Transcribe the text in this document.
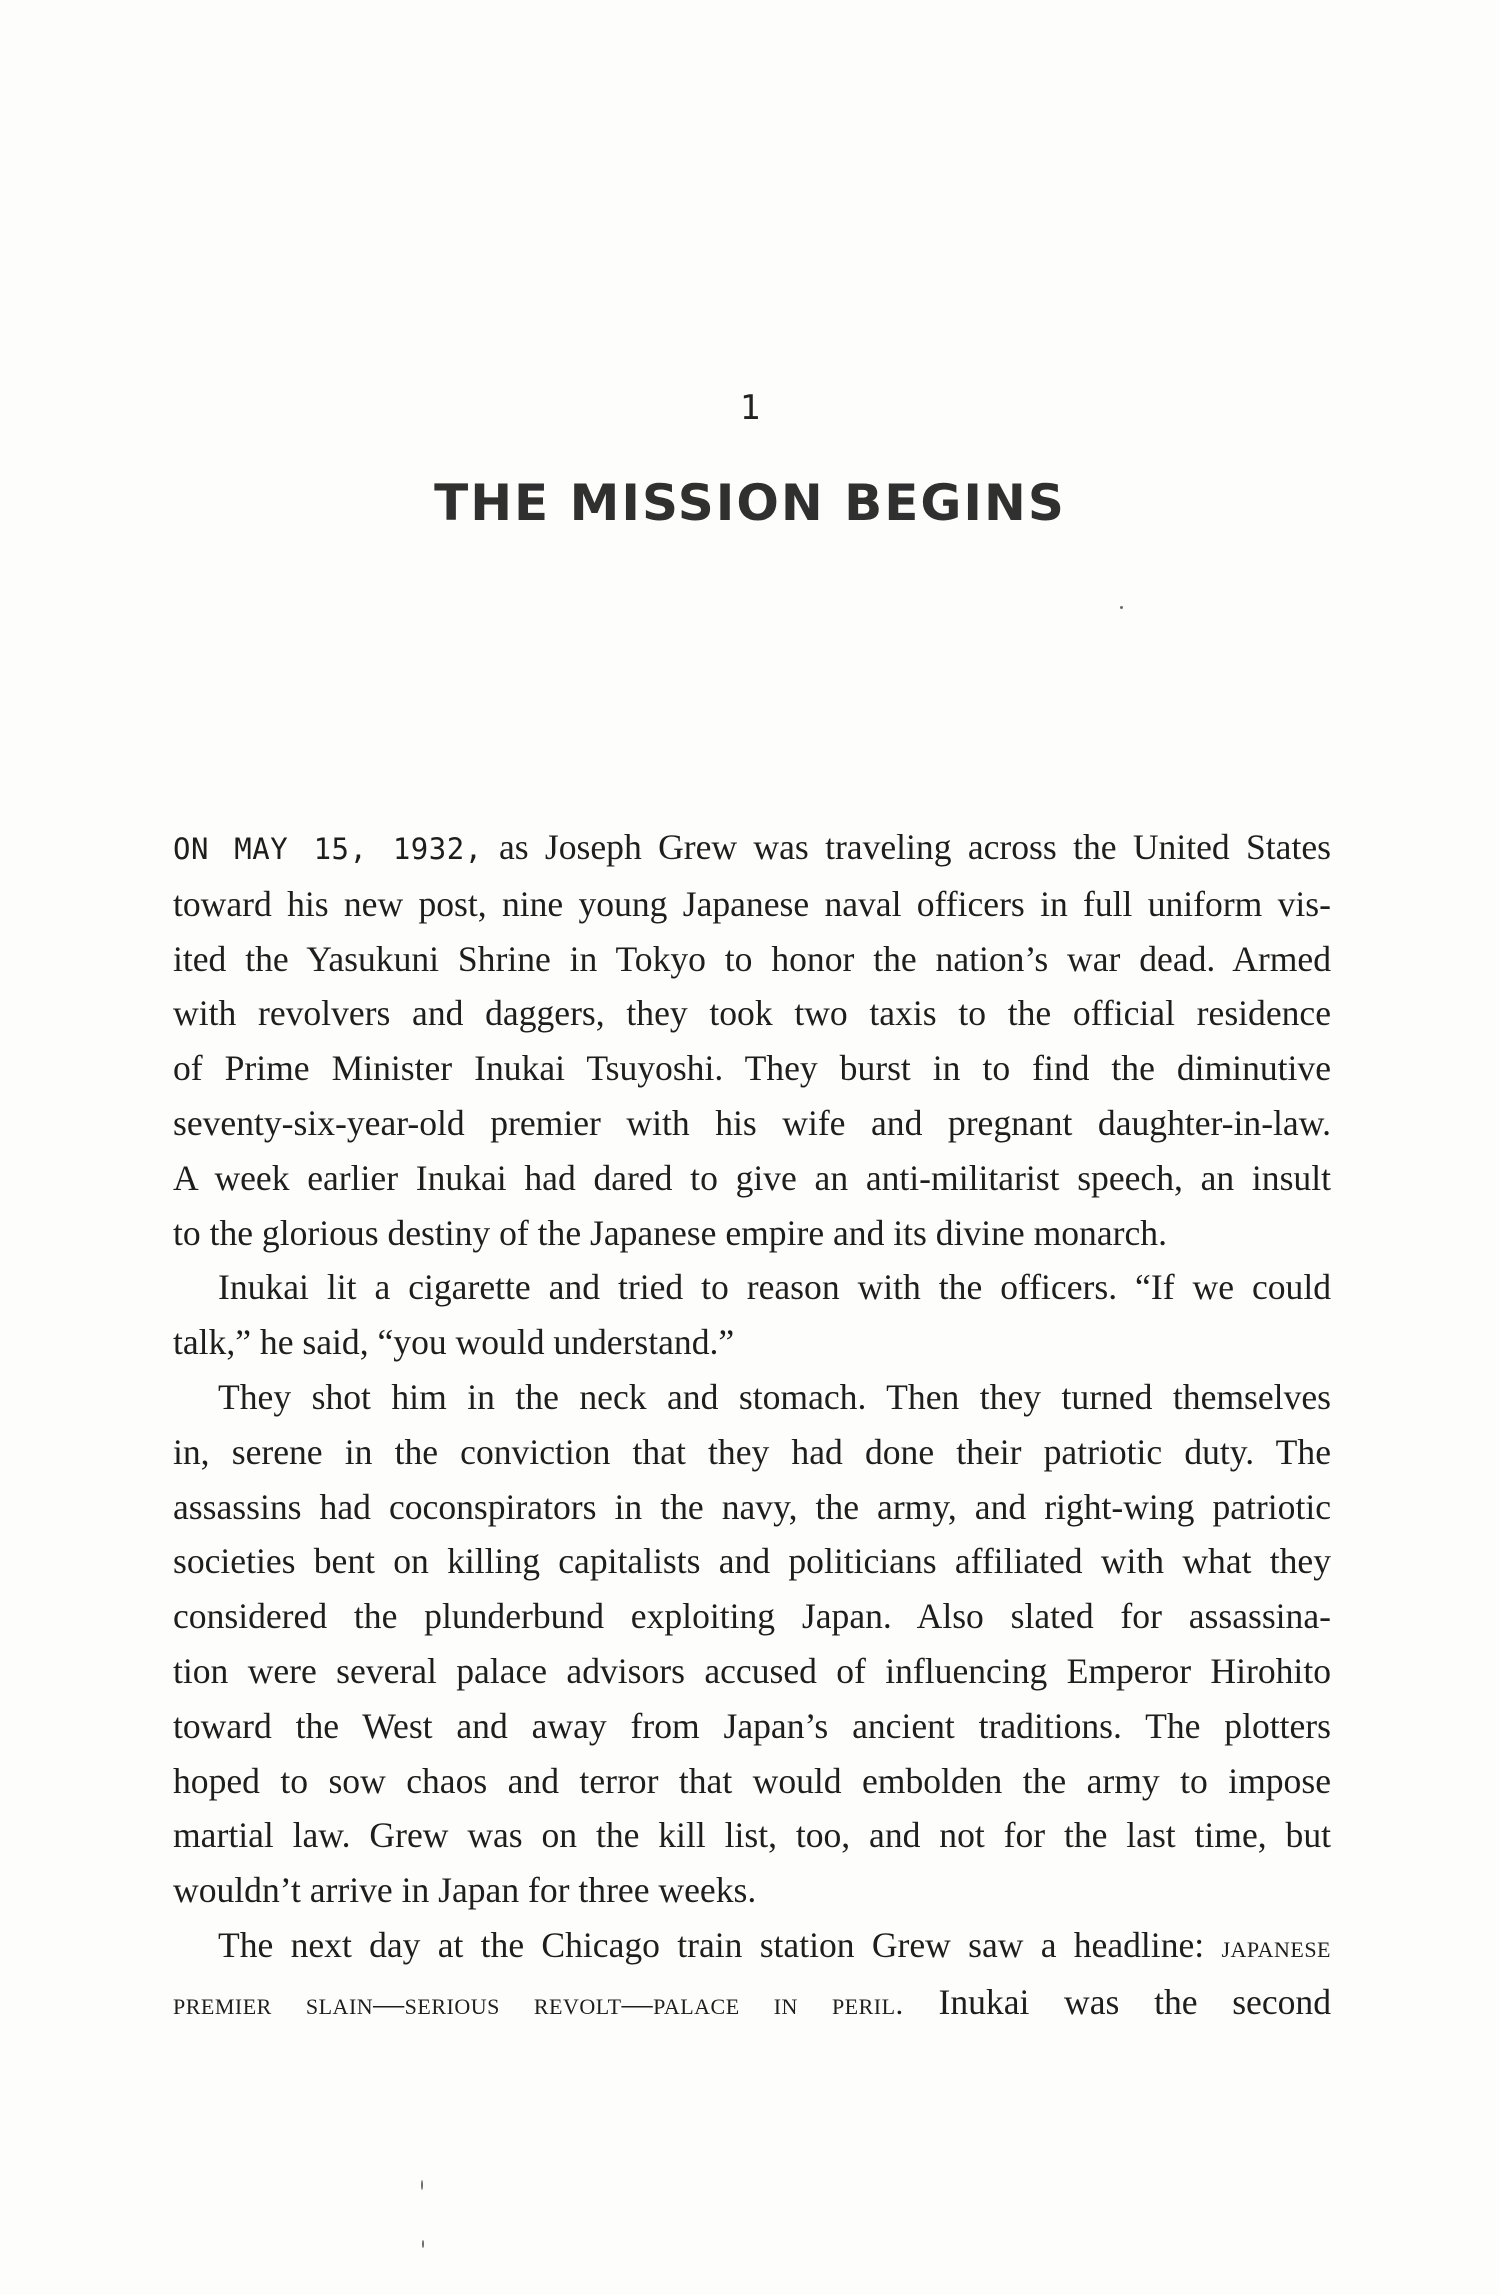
1
THE MISSION BEGINS

ON MAY 15, 1932, as Joseph Grew was traveling across the United States
toward his new post, nine young Japanese naval officers in full uniform vis-
ited the Yasukuni Shrine in Tokyo to honor the nation’s war dead. Armed
with revolvers and daggers, they took two taxis to the official residence
of Prime Minister Inukai Tsuyoshi. They burst in to find the diminutive
seventy-six-year-old premier with his wife and pregnant daughter-in-law.
A week earlier Inukai had dared to give an anti-militarist speech, an insult
to the glorious destiny of the Japanese empire and its divine monarch.

Inukai lit a cigarette and tried to reason with the officers. “If we could
talk,” he said, “you would understand.”

They shot him in the neck and stomach. Then they turned themselves
in, serene in the conviction that they had done their patriotic duty. The
assassins had coconspirators in the navy, the army, and right-wing patriotic
societies bent on killing capitalists and politicians affiliated with what they
considered the plunderbund exploiting Japan. Also slated for assassina-
tion were several palace advisors accused of influencing Emperor Hirohito
toward the West and away from Japan’s ancient traditions. The plotters
hoped to sow chaos and terror that would embolden the army to impose
martial law. Grew was on the kill list, too, and not for the last time, but
wouldn’t arrive in Japan for three weeks.

The next day at the Chicago train station Grew saw a headline: japanese
premier slain—serious revolt—palace in peril. Inukai was the second
